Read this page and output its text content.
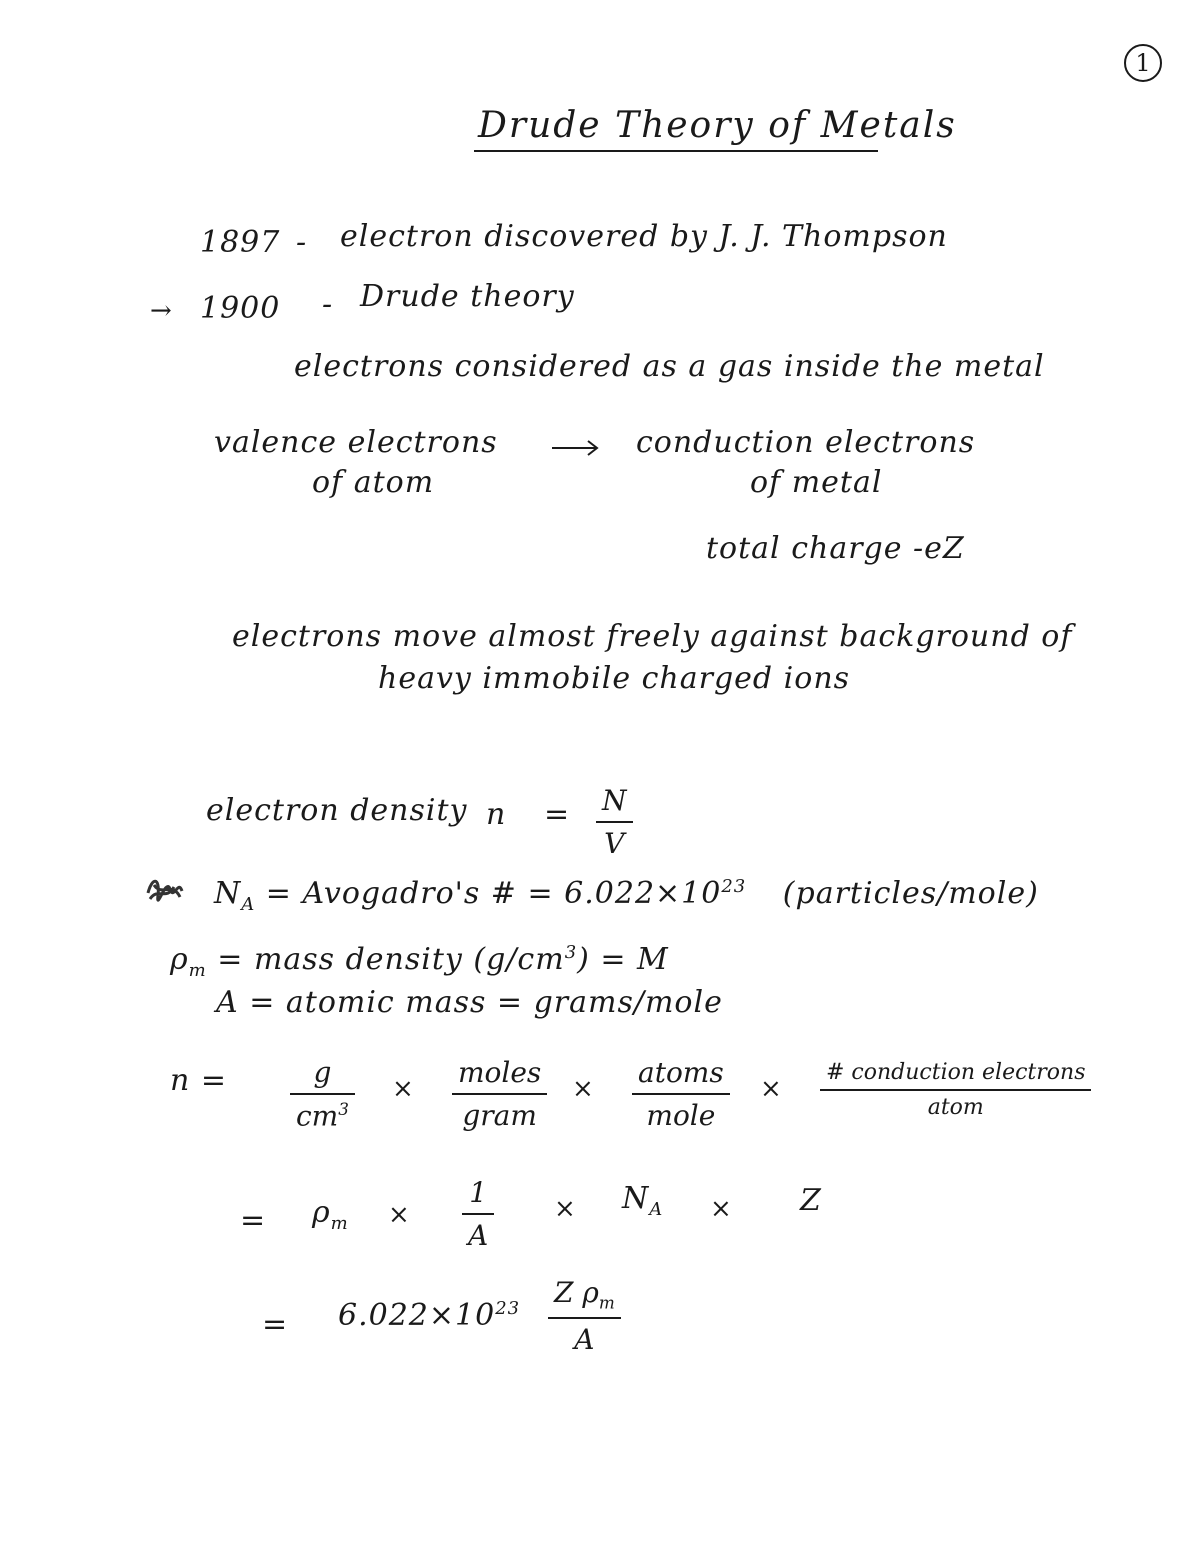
1
Drude Theory of Metals
1897 - electron discovered by J. J. Thompson
→ 1900 - Drude theory
electrons considered as a gas inside the metal
valence electrons
of atom
conduction electrons
of metal
total charge -eZ
electrons move almost freely against background of
heavy immobile charged ions
electron density n = N
V
$N_A$ = Avogadro's # = $6.022\times 10^{23}$ (particles/mole)
$\rho_m$ = mass density $(g/cm^3) = M$
A = atomic mass = grams/mole
n =	g
$cm^3$
× moles
gram
× atoms
mole
×
# conduction electrons
atom
= $\rho_m$ ×
1
A
× $N_A \times Z$
= $6.022\times 10^{23}$ Z $\rho_m$
A
